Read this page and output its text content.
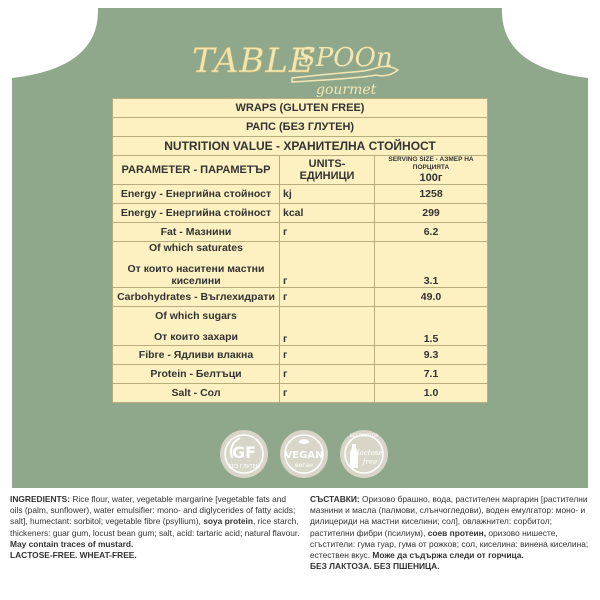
TABLE
SPOOn
gourmet
WRAPS (GLUTEN FREE)		
РАПС (БЕЗ ГЛУТЕН)		
NUTRITION VALUE - ХРАНИТЕЛНА СТОЙНОСТ		
PARAMETER - ПАРАМЕТЪР	UNITS-ЕДИНИЦИ	SERVING SIZE - АЗМЕР НА ПОРЦИЯТА
100г
Energy - Енергийна стойност	kj	1258
Energy - Енергийна стойност	kcal	299
Fat - Мазнини	г	6.2

Of which saturates
От които наситени мастни киселини	г	3.1
Carbohydrates - Въглехидрати	г	49.0

Of which sugars
От които захари	г	1.5
Fibre - Ядливи влакна	г	9.3
Protein - Белтъци	г	7.1
Salt - Сол	г	1.0
GF
БЕЗ ГЛУТЕН
VEGAN
веган
БЕЗ ЛАКТОЗА
lactose
free
INGREDIENTS: Rice flour, water, vegetable margarine [vegetable fats and oils (palm, sunflower), water emulsifier: mono- and diglycerides of fatty acids; salt], humectant: sorbitol; vegetable fibre (psyllium), soya protein, rice starch, thickeners: guar gum, locust bean gum; salt, acid: tartaric acid; natural flavour. May contain traces of mustard.
LACTOSE-FREE. WHEAT-FREE.
СЪСТАВКИ: Оризово брашно, вода, растителен маргарин [растителни мазнини и масла (палмови, слънчогледови), воден емулгатор: моно- и дилицериди на мастни киселини; сол], овлажнител: сорбитол; растителни фибри (псилиум), соев протеин, оризово нишесте, сгъстители: гума гуар, гума от рожков; сол, киселина: винена киселина; естествен вкус. Може да съдържа следи от горчица.
БЕЗ ЛАКТОЗА. БЕЗ ПШЕНИЦА.
